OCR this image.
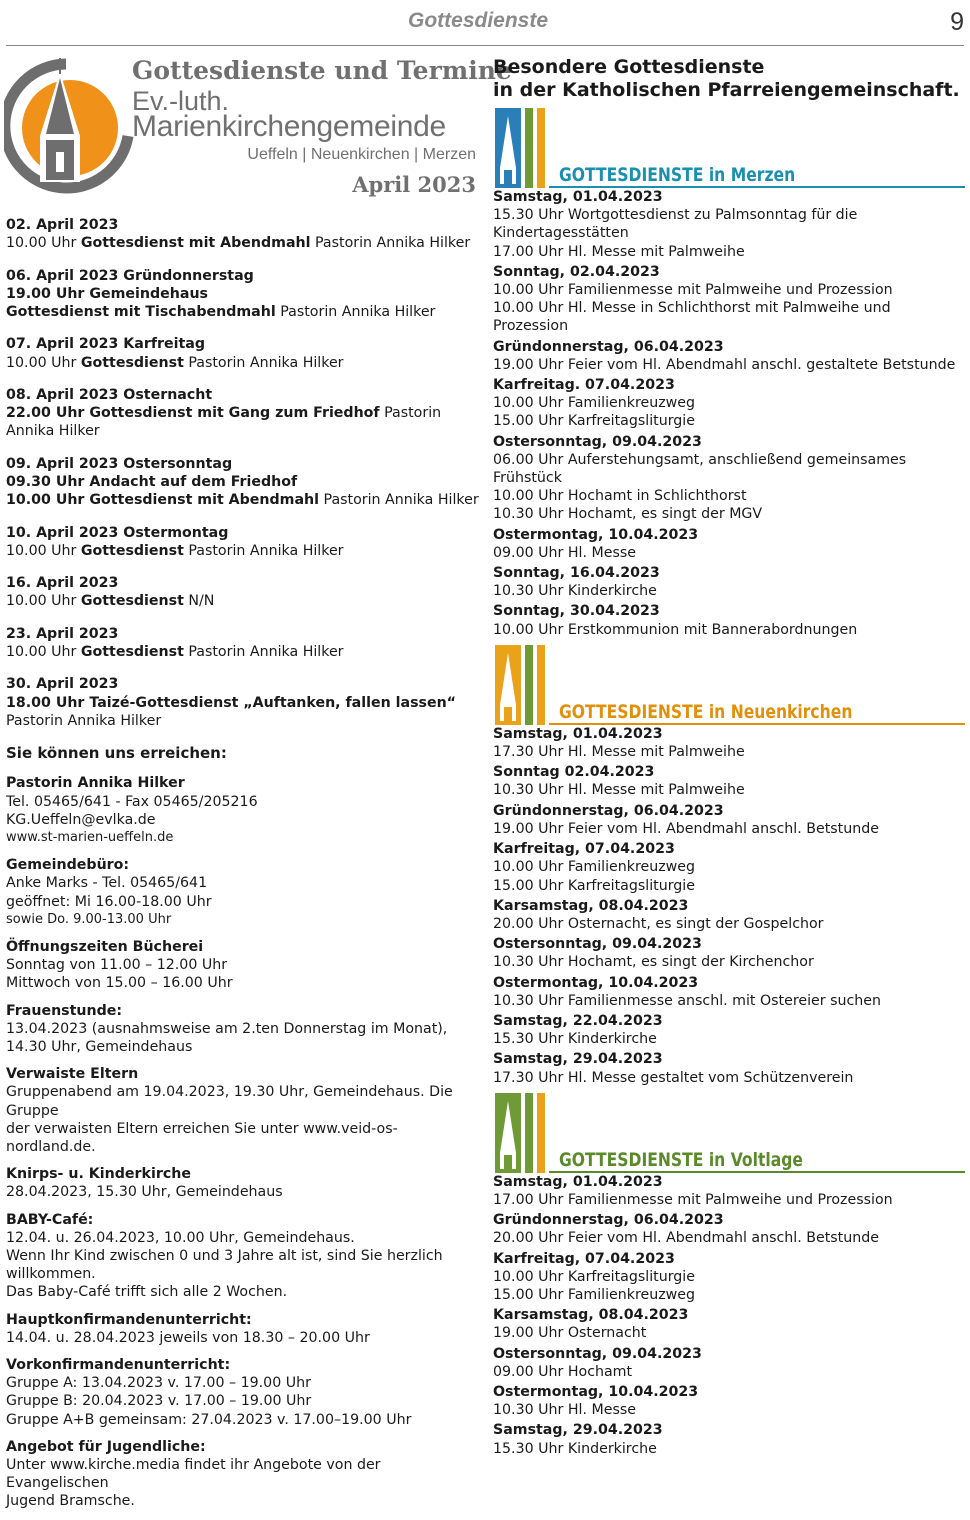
Gottesdienste	9
Gottesdienste und Termine
Ev.-luth.
Marienkirchengemeinde
Ueffeln | Neuenkirchen | Merzen
April 2023
02. April 2023
10.00 Uhr Gottesdienst mit Abendmahl Pastorin Annika Hilker
06. April 2023 Gründonnerstag
19.00 Uhr Gemeindehaus
Gottesdienst mit Tischabendmahl Pastorin Annika Hilker
07. April 2023 Karfreitag
10.00 Uhr Gottesdienst Pastorin Annika Hilker
08. April 2023 Osternacht
22.00 Uhr Gottesdienst mit Gang zum Friedhof Pastorin Annika Hilker
09. April 2023 Ostersonntag
09.30 Uhr Andacht auf dem Friedhof
10.00 Uhr Gottesdienst mit Abendmahl Pastorin Annika Hilker
10. April 2023 Ostermontag
10.00 Uhr Gottesdienst Pastorin Annika Hilker
16. April 2023
10.00 Uhr Gottesdienst N/N
23. April 2023
10.00 Uhr Gottesdienst Pastorin Annika Hilker
30. April 2023
18.00 Uhr Taizé-Gottesdienst „Auftanken, fallen lassen“
Pastorin Annika Hilker
Sie können uns erreichen:
Pastorin Annika Hilker
Tel. 05465/641 - Fax 05465/205216
KG.Ueffeln@evlka.de
www.st-marien-ueffeln.de
Gemeindebüro:
Anke Marks - Tel. 05465/641
geöffnet: Mi 16.00-18.00 Uhr
sowie Do. 9.00-13.00 Uhr
Öffnungszeiten Bücherei
Sonntag von 11.00 – 12.00 Uhr
Mittwoch von 15.00 – 16.00 Uhr
Frauenstunde:
13.04.2023 (ausnahmsweise am 2.ten Donnerstag im Monat),
14.30 Uhr, Gemeindehaus
Verwaiste Eltern
Gruppenabend am 19.04.2023, 19.30 Uhr, Gemeindehaus. Die Gruppe
der verwaisten Eltern erreichen Sie unter www.veid-os-nordland.de.
Knirps- u. Kinderkirche
28.04.2023, 15.30 Uhr, Gemeindehaus
BABY-Café:
12.04. u. 26.04.2023, 10.00 Uhr, Gemeindehaus.
Wenn Ihr Kind zwischen 0 und 3 Jahre alt ist, sind Sie herzlich willkommen.
Das Baby-Café trifft sich alle 2 Wochen.
Hauptkonfirmandenunterricht:
14.04. u. 28.04.2023 jeweils von 18.30 – 20.00 Uhr
Vorkonfirmandenunterricht:
Gruppe A: 13.04.2023 v. 17.00 – 19.00 Uhr
Gruppe B: 20.04.2023 v. 17.00 – 19.00 Uhr
Gruppe A+B gemeinsam: 27.04.2023 v. 17.00–19.00 Uhr
Angebot für Jugendliche:
Unter www.kirche.media findet ihr Angebote von der Evangelischen
Jugend Bramsche.
Besondere Gottesdienste
in der Katholischen Pfarreiengemeinschaft.
GOTTESDIENSTE in Merzen
Samstag, 01.04.2023
15.30 Uhr Wortgottesdienst zu Palmsonntag für die Kindertagesstätten
17.00 Uhr Hl. Messe mit Palmweihe
Sonntag, 02.04.2023
10.00 Uhr Familienmesse mit Palmweihe und Prozession
10.00 Uhr Hl. Messe in Schlichthorst mit Palmweihe und Prozession
Gründonnerstag, 06.04.2023
19.00 Uhr Feier vom Hl. Abendmahl anschl. gestaltete Betstunde
Karfreitag. 07.04.2023
10.00 Uhr Familienkreuzweg
15.00 Uhr Karfreitagsliturgie
Ostersonntag, 09.04.2023
06.00 Uhr Auferstehungsamt, anschließend gemeinsames Frühstück
10.00 Uhr Hochamt in Schlichthorst
10.30 Uhr Hochamt, es singt der MGV
Ostermontag, 10.04.2023
09.00 Uhr Hl. Messe
Sonntag, 16.04.2023
10.30 Uhr Kinderkirche
Sonntag, 30.04.2023
10.00 Uhr Erstkommunion mit Bannerabordnungen
GOTTESDIENSTE in Neuenkirchen
Samstag, 01.04.2023
17.30 Uhr Hl. Messe mit Palmweihe
Sonntag 02.04.2023
10.30 Uhr Hl. Messe mit Palmweihe
Gründonnerstag, 06.04.2023
19.00 Uhr Feier vom Hl. Abendmahl anschl. Betstunde
Karfreitag, 07.04.2023
10.00 Uhr Familienkreuzweg
15.00 Uhr Karfreitagsliturgie
Karsamstag, 08.04.2023
20.00 Uhr Osternacht, es singt der Gospelchor
Ostersonntag, 09.04.2023
10.30 Uhr Hochamt, es singt der Kirchenchor
Ostermontag, 10.04.2023
10.30 Uhr Familienmesse anschl. mit Ostereier suchen
Samstag, 22.04.2023
15.30 Uhr Kinderkirche
Samstag, 29.04.2023
17.30 Uhr Hl. Messe gestaltet vom Schützenverein
GOTTESDIENSTE in Voltlage
Samstag, 01.04.2023
17.00 Uhr Familienmesse mit Palmweihe und Prozession
Gründonnerstag, 06.04.2023
20.00 Uhr Feier vom Hl. Abendmahl anschl. Betstunde
Karfreitag, 07.04.2023
10.00 Uhr Karfreitagsliturgie
15.00 Uhr Familienkreuzweg
Karsamstag, 08.04.2023
19.00 Uhr Osternacht
Ostersonntag, 09.04.2023
09.00 Uhr Hochamt
Ostermontag, 10.04.2023
10.30 Uhr Hl. Messe
Samstag, 29.04.2023
15.30 Uhr Kinderkirche
